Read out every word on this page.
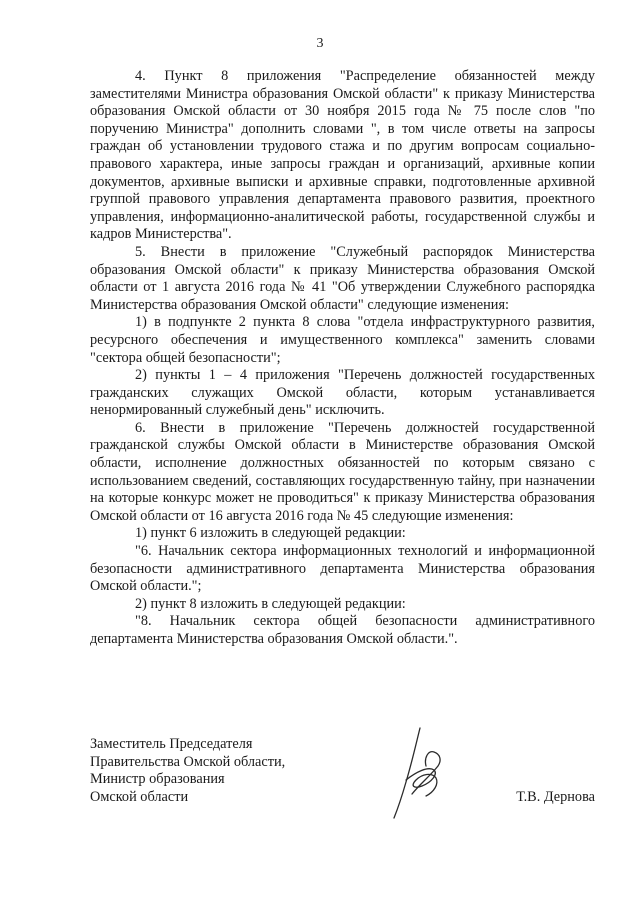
3

4. Пункт 8 приложения "Распределение обязанностей между заместителями Министра образования Омской области" к приказу Министерства образования Омской области от 30 ноября 2015 года № 75 после слов "по поручению Министра" дополнить словами ", в том числе ответы на запросы граждан об установлении трудового стажа и по другим вопросам социально-правового характера, иные запросы граждан и организаций, архивные копии документов, архивные выписки и архивные справки, подготовленные архивной группой правового управления департамента правового развития, проектного управления, информационно-аналитической работы, государственной службы и кадров Министерства".

5. Внести в приложение "Служебный распорядок Министерства образования Омской области" к приказу Министерства образования Омской области от 1 августа 2016 года № 41 "Об утверждении Служебного распорядка Министерства образования Омской области" следующие изменения:

1) в подпункте 2 пункта 8 слова "отдела инфраструктурного развития, ресурсного обеспечения и имущественного комплекса" заменить словами "сектора общей безопасности";

2) пункты 1 – 4 приложения "Перечень должностей государственных гражданских служащих Омской области, которым устанавливается ненормированный служебный день" исключить.

6. Внести в приложение "Перечень должностей государственной гражданской службы Омской области в Министерстве образования Омской области, исполнение должностных обязанностей по которым связано с использованием сведений, составляющих государственную тайну, при назначении на которые конкурс может не проводиться" к приказу Министерства образования Омской области от 16 августа 2016 года № 45 следующие изменения:

1) пункт 6 изложить в следующей редакции:

"6. Начальник сектора информационных технологий и информационной безопасности административного департамента Министерства образования Омской области.";

2) пункт 8 изложить в следующей редакции:

"8. Начальник сектора общей безопасности административного департамента Министерства образования Омской области.".

Заместитель Председателя
Правительства Омской области,
Министр образования
Омской области	Т.В. Дернова
